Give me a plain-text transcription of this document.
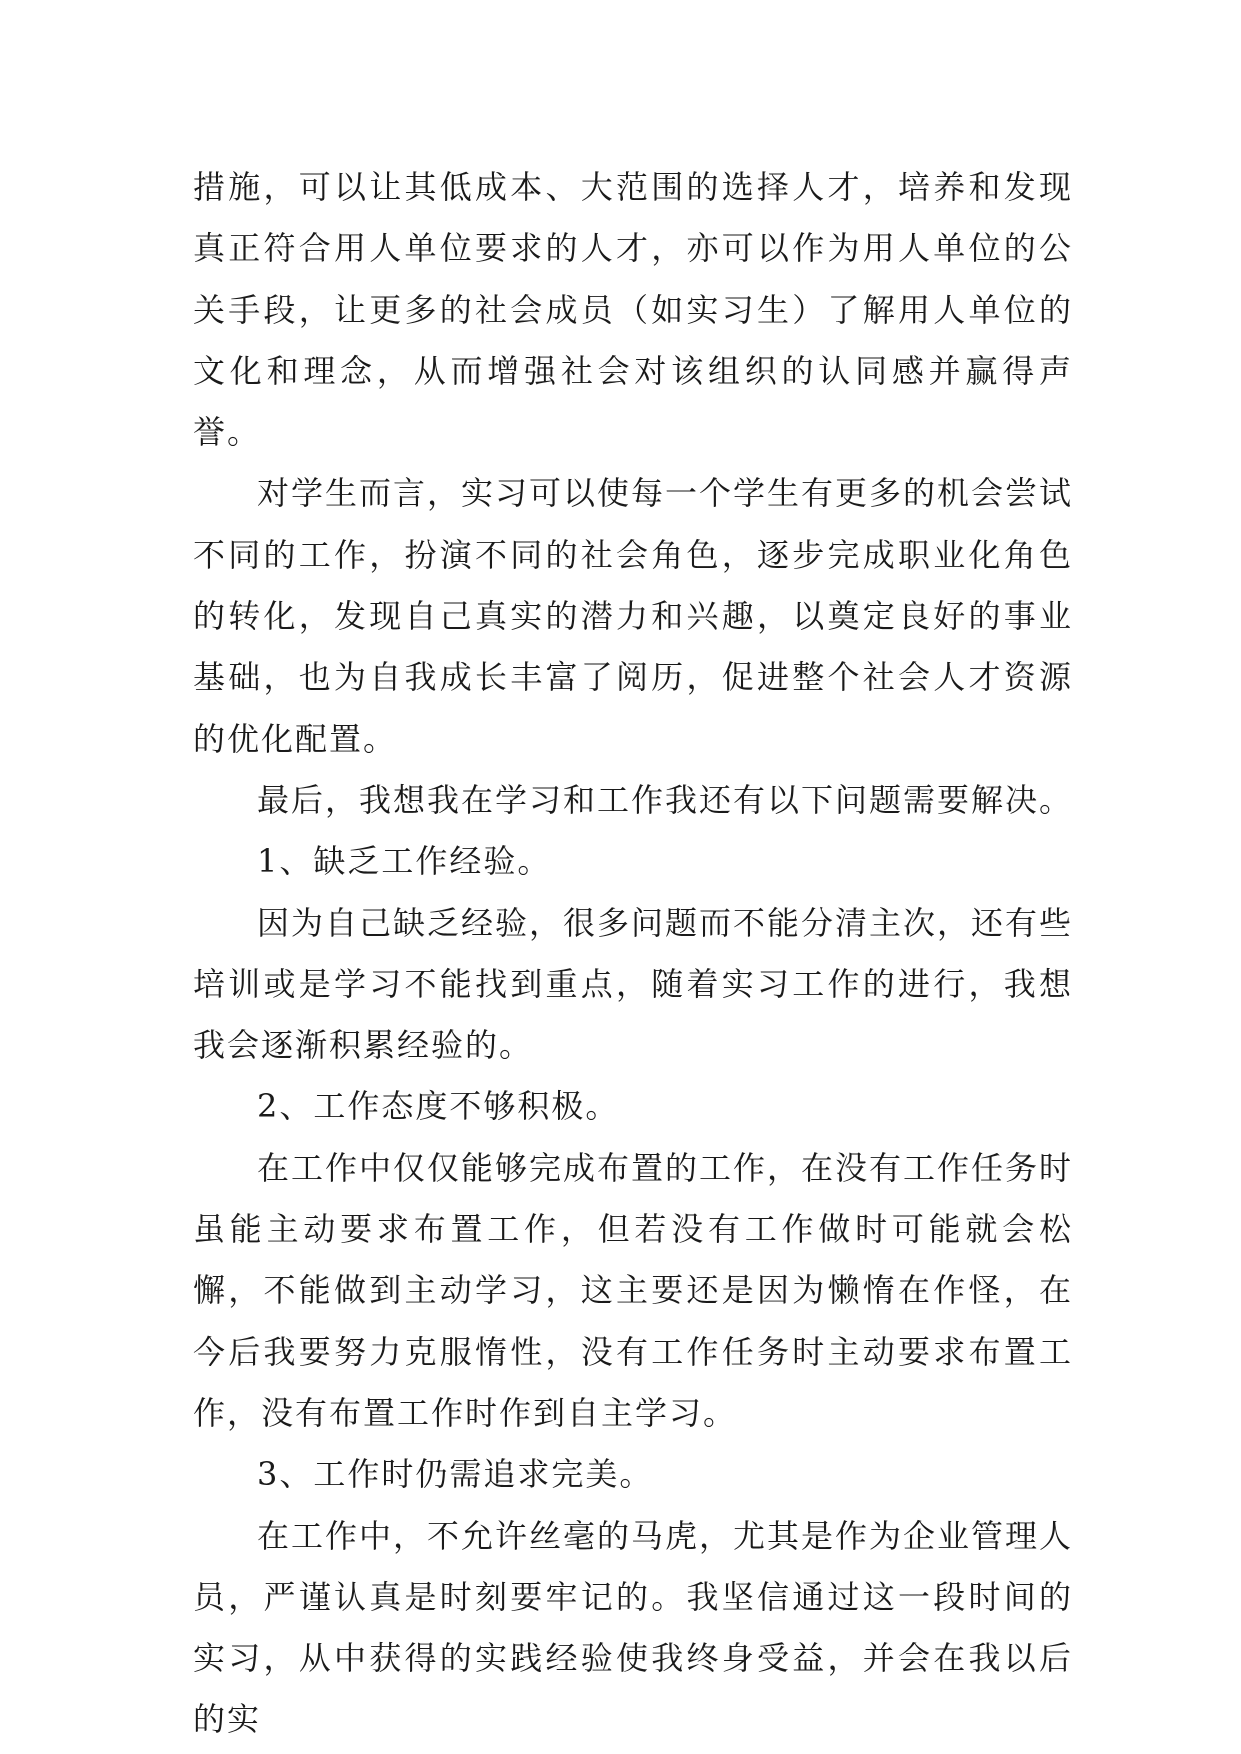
措施，可以让其低成本、大范围的选择人才，培养和发现真正符合用人单位要求的人才，亦可以作为用人单位的公关手段，让更多的社会成员（如实习生）了解用人单位的文化和理念，从而增强社会对该组织的认同感并赢得声誉。

对学生而言，实习可以使每一个学生有更多的机会尝试不同的工作，扮演不同的社会角色，逐步完成职业化角色的转化，发现自己真实的潜力和兴趣，以奠定良好的事业基础，也为自我成长丰富了阅历，促进整个社会人才资源的优化配置。

最后，我想我在学习和工作我还有以下问题需要解决。

1、缺乏工作经验。

因为自己缺乏经验，很多问题而不能分清主次，还有些培训或是学习不能找到重点，随着实习工作的进行，我想我会逐渐积累经验的。

2、工作态度不够积极。

在工作中仅仅能够完成布置的工作，在没有工作任务时虽能主动要求布置工作，但若没有工作做时可能就会松懈，不能做到主动学习，这主要还是因为懒惰在作怪，在今后我要努力克服惰性，没有工作任务时主动要求布置工作，没有布置工作时作到自主学习。

3、工作时仍需追求完美。

在工作中，不允许丝毫的马虎，尤其是作为企业管理人员，严谨认真是时刻要牢记的。我坚信通过这一段时间的实习，从中获得的实践经验使我终身受益，并会在我以后的实
